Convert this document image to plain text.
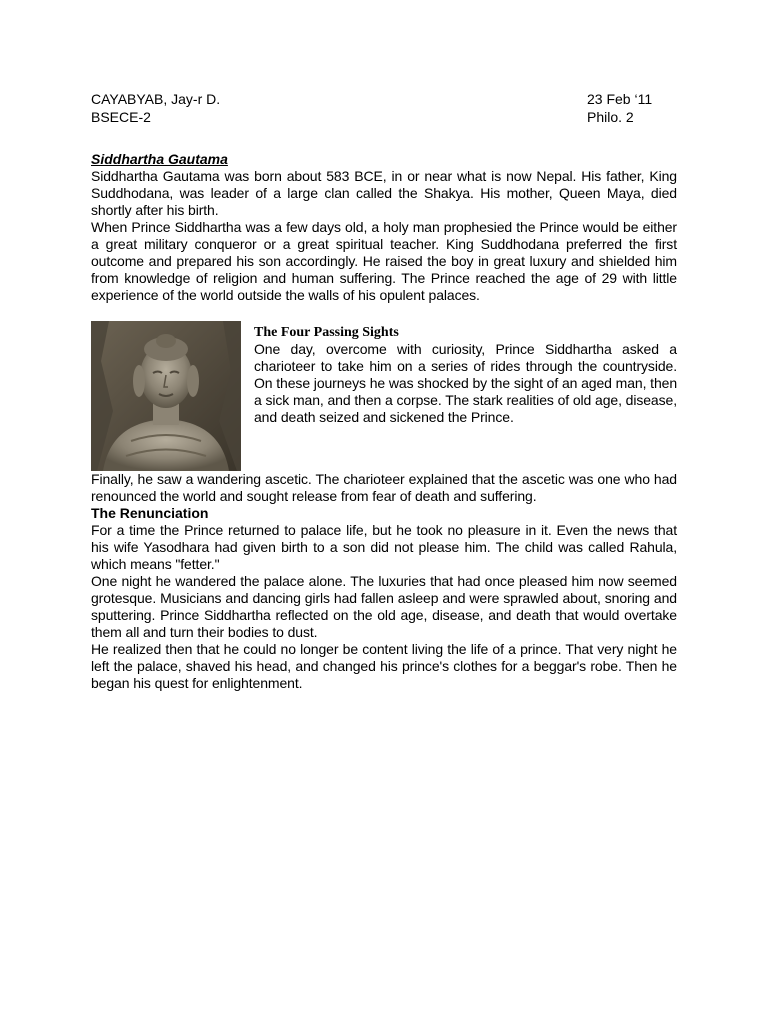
CAYABYAB, Jay-r D.	23 Feb ‘11
BSECE-2	Philo. 2
Siddhartha Gautama

Siddhartha Gautama was born about 583 BCE, in or near what is now Nepal. His father, King Suddhodana, was leader of a large clan called the Shakya. His mother, Queen Maya, died shortly after his birth.

When Prince Siddhartha was a few days old, a holy man prophesied the Prince would be either a great military conqueror or a great spiritual teacher. King Suddhodana preferred the first outcome and prepared his son accordingly. He raised the boy in great luxury and shielded him from knowledge of religion and human suffering. The Prince reached the age of 29 with little experience of the world outside the walls of his opulent palaces.

The Four Passing Sights

One day, overcome with curiosity, Prince Siddhartha asked a charioteer to take him on a series of rides through the countryside. On these journeys he was shocked by the sight of an aged man, then a sick man, and then a corpse. The stark realities of old age, disease, and death seized and sickened the Prince.

Finally, he saw a wandering ascetic. The charioteer explained that the ascetic was one who had renounced the world and sought release from fear of death and suffering.

The Renunciation

For a time the Prince returned to palace life, but he took no pleasure in it. Even the news that his wife Yasodhara had given birth to a son did not please him. The child was called Rahula, which means "fetter."

One night he wandered the palace alone. The luxuries that had once pleased him now seemed grotesque. Musicians and dancing girls had fallen asleep and were sprawled about, snoring and sputtering. Prince Siddhartha reflected on the old age, disease, and death that would overtake them all and turn their bodies to dust.

He realized then that he could no longer be content living the life of a prince. That very night he left the palace, shaved his head, and changed his prince's clothes for a beggar's robe. Then he began his quest for enlightenment.
